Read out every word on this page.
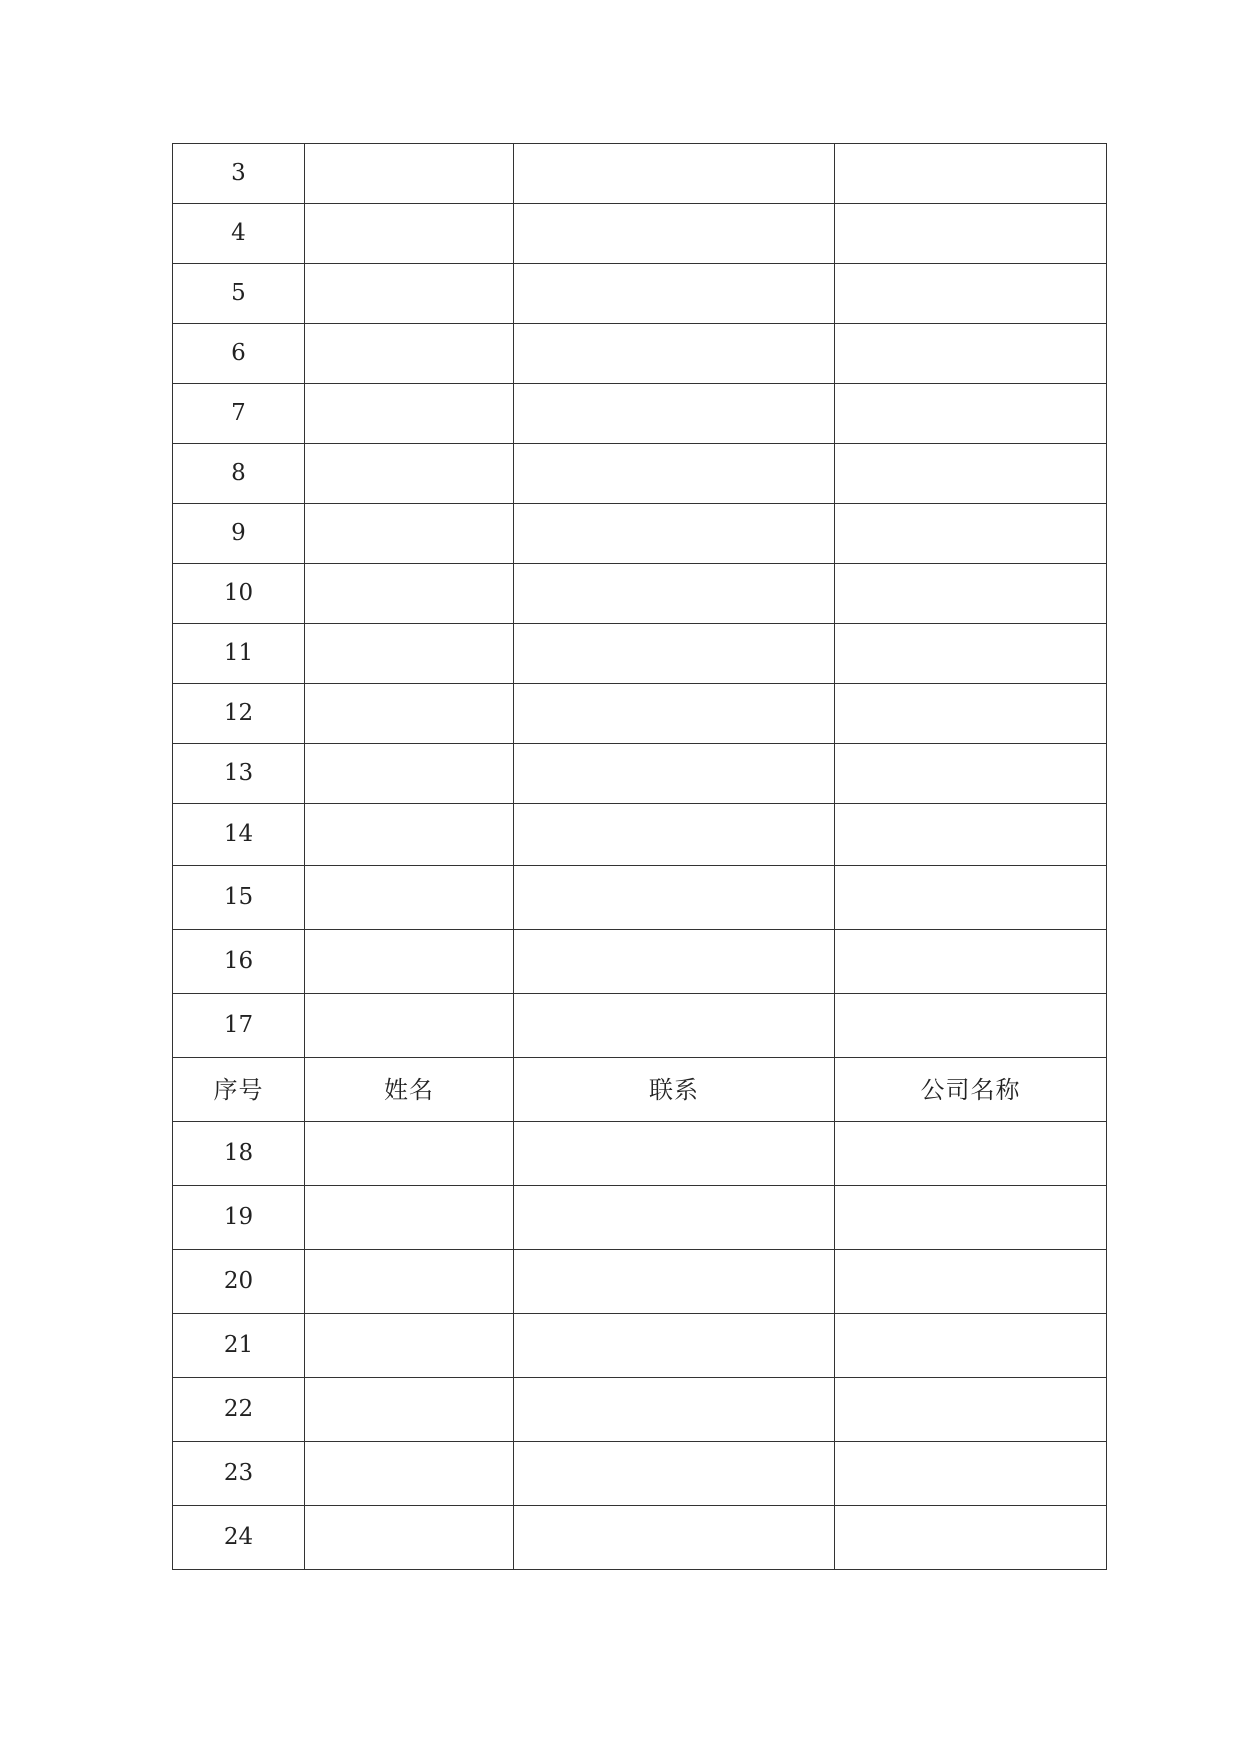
3			
4			
5			
6			
7			
8			
9			
10			
11			
12			
13			
14			
15			
16			
17			
序号	姓名	联系	公司名称
18			
19			
20			
21			
22			
23			
24			
